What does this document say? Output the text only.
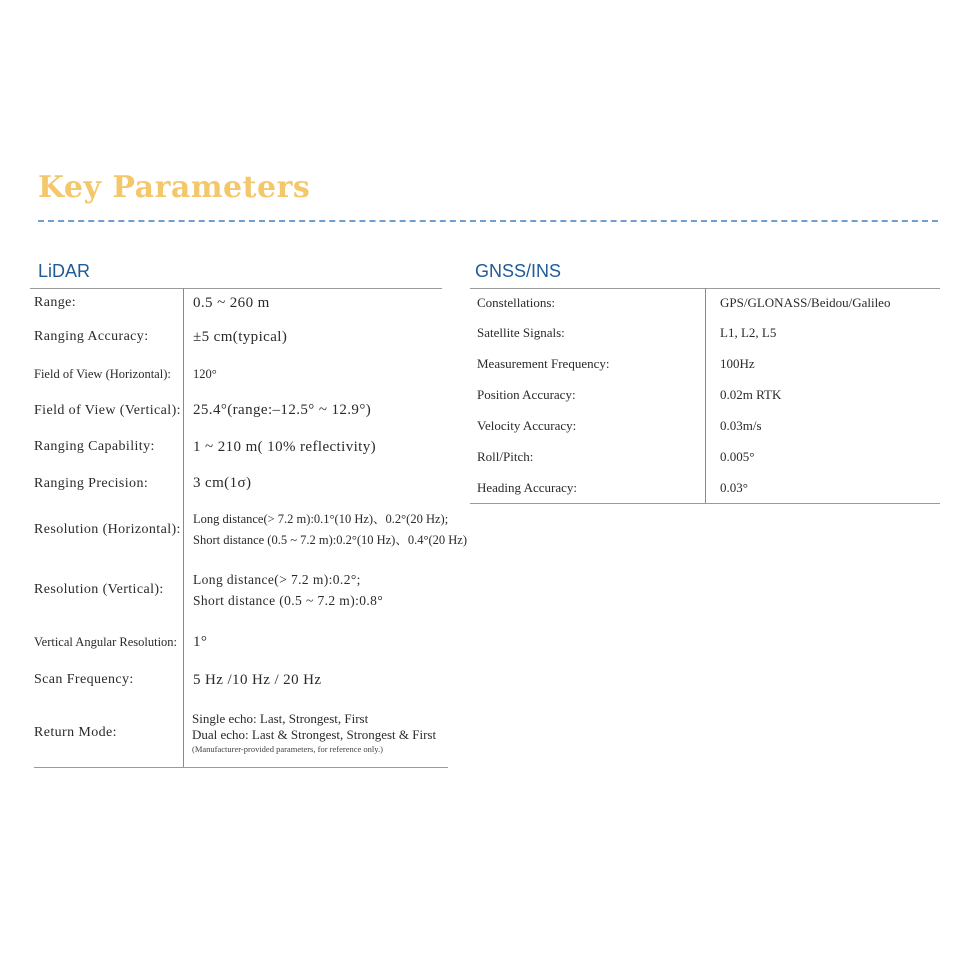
Key Parameters
LiDAR	GNSS/INS
Range:	0.5 ~ 260 m
Ranging Accuracy:	±5 cm(typical)
Field of View (Horizontal):	120°
Field of View (Vertical): 25.4°(range:–12.5° ~ 12.9°)
Ranging Capability:	1 ~ 210 m( 10% reflectivity)
Ranging Precision:	3 cm(1σ)
Resolution (Horizontal):
Long distance(> 7.2 m):0.1°(10 Hz)、0.2°(20 Hz);
Short distance (0.5 ~ 7.2 m):0.2°(10 Hz)、0.4°(20 Hz)
Resolution (Vertical):
Long distance(> 7.2 m):0.2°;
Short distance (0.5 ~ 7.2 m):0.8°
Vertical Angular Resolution:	1°
Scan Frequency:	5 Hz /10 Hz / 20 Hz
Return Mode:
Single echo: Last, Strongest, First
Dual echo: Last & Strongest, Strongest & First
(Manufacturer-provided parameters, for reference only.)
Constellations:	GPS/GLONASS/Beidou/Galileo
Satellite Signals:	L1, L2, L5
Measurement Frequency:	100Hz
Position Accuracy:	0.02m RTK
Velocity Accuracy:	0.03m/s
Roll/Pitch:	0.005°
Heading Accuracy:	0.03°
